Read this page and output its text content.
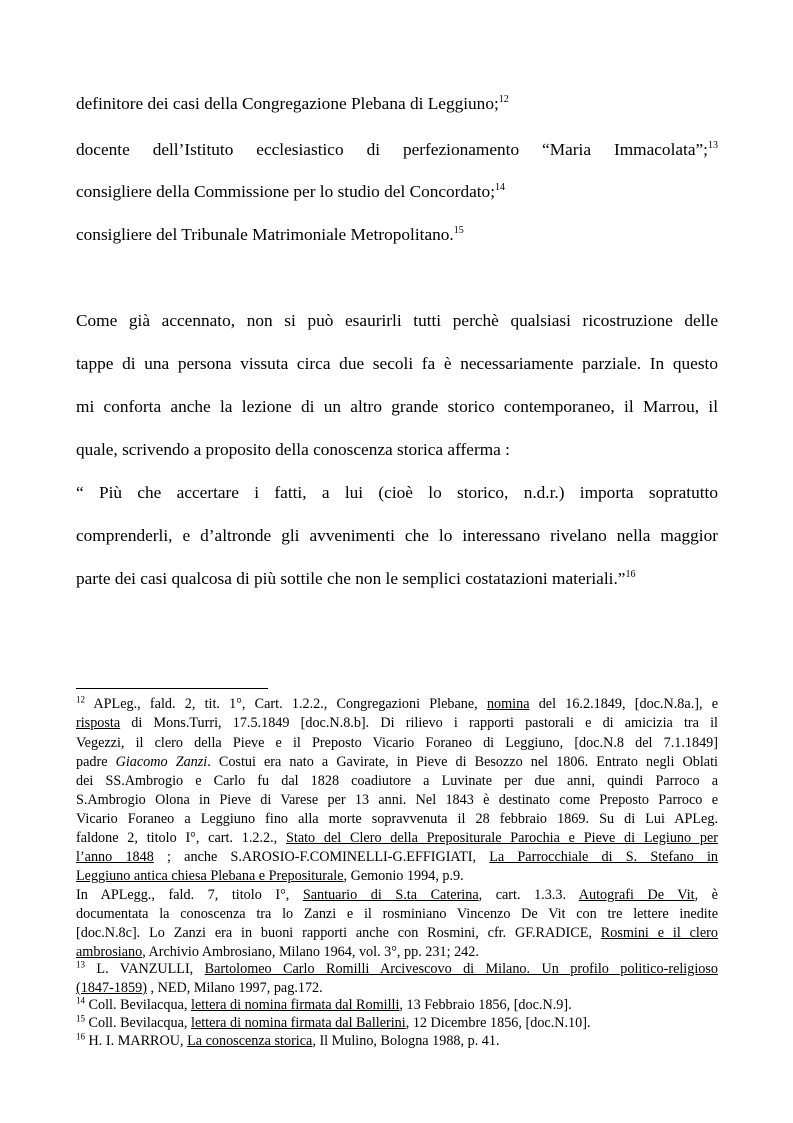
definitore dei casi della Congregazione Plebana di Leggiuno;$^{12}$
docente dell’Istituto ecclesiastico di perfezionamento “Maria Immacolata”;$^{13}$
consigliere della Commissione per lo studio del Concordato;$^{14}$
consigliere del Tribunale Matrimoniale Metropolitano.$^{15}$
Come già accennato, non si può esaurirli tutti perchè qualsiasi ricostruzione delle
tappe di una persona vissuta circa due secoli fa è necessariamente parziale. In questo
mi conforta anche la lezione di un altro grande storico contemporaneo, il Marrou, il
quale, scrivendo a proposito della conoscenza storica afferma :
“ Più che accertare i fatti, a lui (cioè lo storico, n.d.r.) importa sopratutto
comprenderli, e d’altronde gli avvenimenti che lo interessano rivelano nella maggior
parte dei casi qualcosa di più sottile che non le semplici costatazioni materiali.”$^{16}$
$^{12}$ APLeg., fald. 2, tit. 1°, Cart. 1.2.2., Congregazioni Plebane, nomina del 16.2.1849, [doc.N.8a.], e
risposta di Mons.Turri, 17.5.1849 [doc.N.8.b]. Di rilievo i rapporti pastorali e di amicizia tra il
Vegezzi, il clero della Pieve e il Preposto Vicario Foraneo di Leggiuno, [doc.N.8 del 7.1.1849]
padre Giacomo Zanzi. Costui era nato a Gavirate, in Pieve di Besozzo nel 1806. Entrato negli Oblati
dei SS.Ambrogio e Carlo fu dal 1828 coadiutore a Luvinate per due anni, quindi Parroco a
S.Ambrogio Olona in Pieve di Varese per 13 anni. Nel 1843 è destinato come Preposto Parroco e
Vicario Foraneo a Leggiuno fino alla morte sopravvenuta il 28 febbraio 1869. Su di Lui APLeg.
faldone 2, titolo I°, cart. 1.2.2., Stato del Clero della Prepositurale Parochia e Pieve di Legiuno per
l’anno 1848 ; anche S.AROSIO-F.COMINELLI-G.EFFIGIATI, La Parrocchiale di S. Stefano in
Leggiuno antica chiesa Plebana e Prepositurale, Gemonio 1994, p.9.
In APLegg., fald. 7, titolo I°, Santuario di S.ta Caterina, cart. 1.3.3. Autografi De Vit, è
documentata la conoscenza tra lo Zanzi e il rosminiano Vincenzo De Vit con tre lettere inedite
[doc.N.8c]. Lo Zanzi era in buoni rapporti anche con Rosmini, cfr. GF.RADICE, Rosmini e il clero
ambrosiano, Archivio Ambrosiano, Milano 1964, vol. 3°, pp. 231; 242.
$^{13}$ L. VANZULLI, Bartolomeo Carlo Romilli Arcivescovo di Milano. Un profilo politico-religioso
(1847-1859) , NED, Milano 1997, pag.172.
$^{14}$ Coll. Bevilacqua, lettera di nomina firmata dal Romilli, 13 Febbraio 1856, [doc.N.9].
$^{15}$ Coll. Bevilacqua, lettera di nomina firmata dal Ballerini, 12 Dicembre 1856, [doc.N.10].
$^{16}$ H. I. MARROU, La conoscenza storica, Il Mulino, Bologna 1988, p. 41.
